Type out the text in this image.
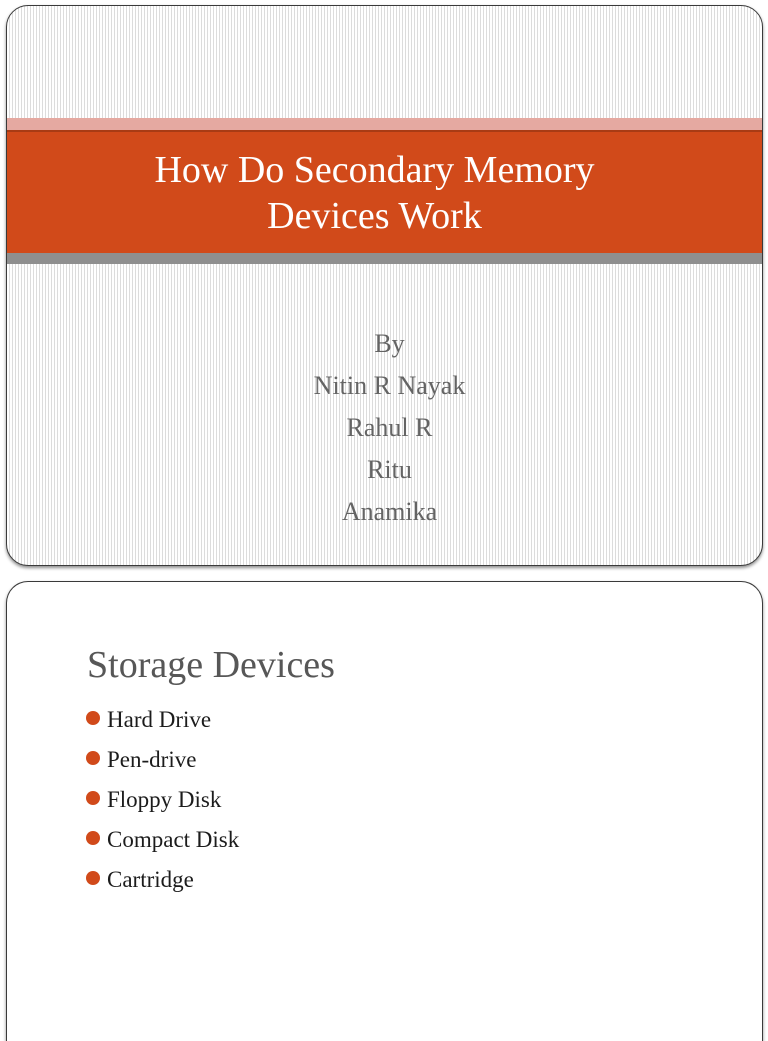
How Do Secondary Memory
Devices Work
By
Nitin R Nayak
Rahul R
Ritu
Anamika
Storage Devices
Hard Drive
Pen-drive
Floppy Disk
Compact Disk
Cartridge
